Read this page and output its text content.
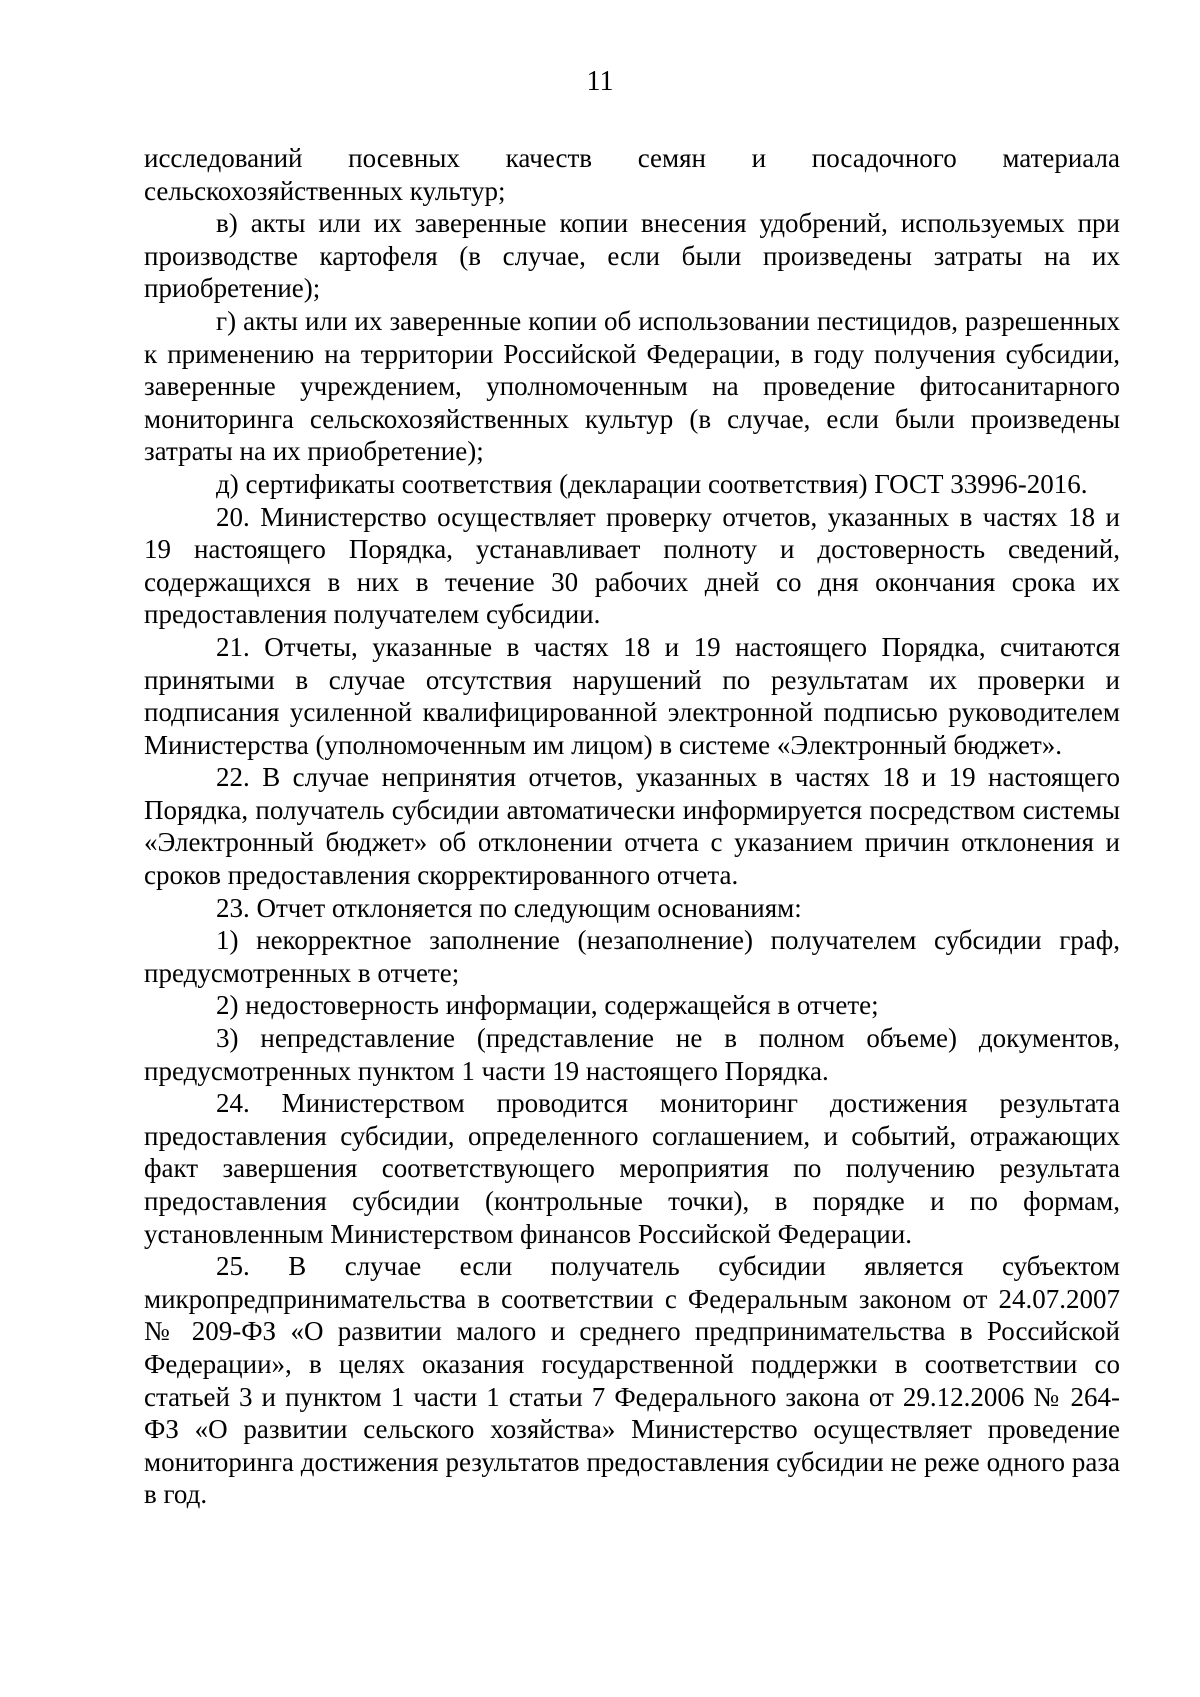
11

исследований посевных качеств семян и посадочного материала сельскохозяйственных культур;

в) акты или их заверенные копии внесения удобрений, используемых при производстве картофеля (в случае, если были произведены затраты на их приобретение);

г) акты или их заверенные копии об использовании пестицидов, разрешенных к применению на территории Российской Федерации, в году получения субсидии, заверенные учреждением, уполномоченным на проведение фитосанитарного мониторинга сельскохозяйственных культур (в случае, если были произведены затраты на их приобретение);

д) сертификаты соответствия (декларации соответствия) ГОСТ 33996-2016.

20. Министерство осуществляет проверку отчетов, указанных в частях 18 и 19 настоящего Порядка, устанавливает полноту и достоверность сведений, содержащихся в них в течение 30 рабочих дней со дня окончания срока их предоставления получателем субсидии.

21. Отчеты, указанные в частях 18 и 19 настоящего Порядка, считаются принятыми в случае отсутствия нарушений по результатам их проверки и подписания усиленной квалифицированной электронной подписью руководителем Министерства (уполномоченным им лицом) в системе «Электронный бюджет».

22. В случае непринятия отчетов, указанных в частях 18 и 19 настоящего Порядка, получатель субсидии автоматически информируется посредством системы «Электронный бюджет» об отклонении отчета с указанием причин отклонения и сроков предоставления скорректированного отчета.

23. Отчет отклоняется по следующим основаниям:

1) некорректное заполнение (незаполнение) получателем субсидии граф, предусмотренных в отчете;

2) недостоверность информации, содержащейся в отчете;

3) непредставление (представление не в полном объеме) документов, предусмотренных пунктом 1 части 19 настоящего Порядка.

24. Министерством проводится мониторинг достижения результата предоставления субсидии, определенного соглашением, и событий, отражающих факт завершения соответствующего мероприятия по получению результата предоставления субсидии (контрольные точки), в порядке и по формам, установленным Министерством финансов Российской Федерации.

25. В случае если получатель субсидии является субъектом микропредпринимательства в соответствии с Федеральным законом от 24.07.2007 № 209-ФЗ «О развитии малого и среднего предпринимательства в Российской Федерации», в целях оказания государственной поддержки в соответствии со статьей 3 и пунктом 1 части 1 статьи 7 Федерального закона от 29.12.2006 № 264-ФЗ «О развитии сельского хозяйства» Министерство осуществляет проведение мониторинга достижения результатов предоставления субсидии не реже одного раза в год.
